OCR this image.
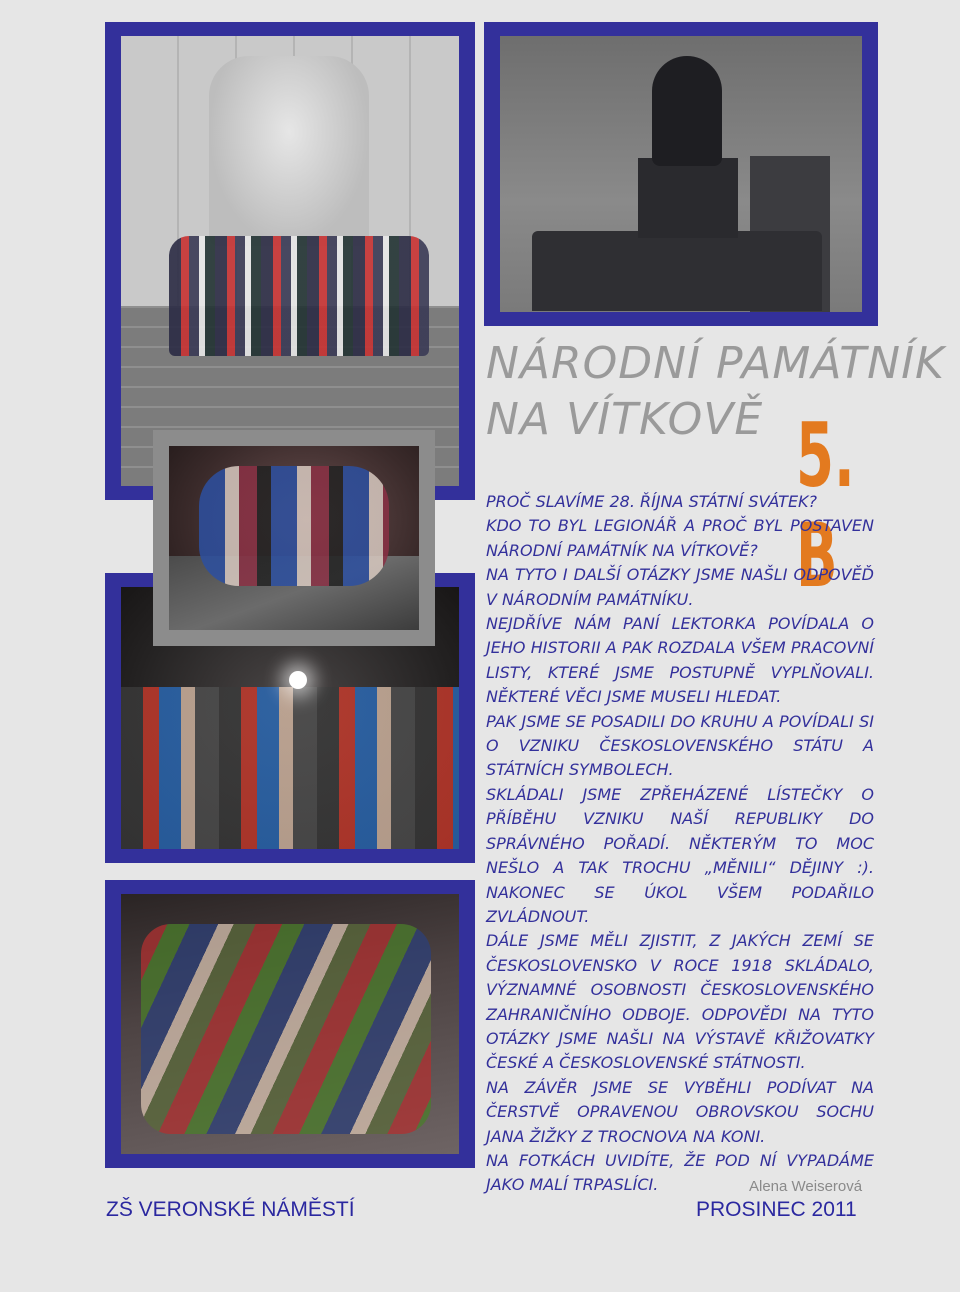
NÁRODNÍ PAMÁTNÍK
NA VÍTKOVĚ 5. B

PROČ SLAVÍME 28. ŘÍJNA STÁTNÍ SVÁTEK?

KDO TO BYL LEGIONÁŘ A PROČ BYL POSTAVEN NÁRODNÍ PAMÁTNÍK NA VÍTKOVĚ?

NA TYTO I DALŠÍ OTÁZKY JSME NAŠLI ODPOVĚĎ V NÁRODNÍM PAMÁTNÍKU.

NEJDŘÍVE NÁM PANÍ LEKTORKA POVÍDALA O JEHO HISTORII A PAK ROZDALA VŠEM PRACOVNÍ LISTY, KTERÉ JSME POSTUPNĚ VYPLŇOVALI. NĚKTERÉ VĚCI JSME MUSELI HLEDAT.

PAK JSME SE POSADILI DO KRUHU A POVÍDALI SI O VZNIKU ČESKOSLOVENSKÉHO STÁTU A STÁTNÍCH SYMBOLECH.

SKLÁDALI JSME ZPŘEHÁZENÉ LÍSTEČKY O PŘÍBĚHU VZNIKU NAŠÍ REPUBLIKY DO SPRÁVNÉHO POŘADÍ. NĚKTERÝM TO MOC NEŠLO A TAK TROCHU „MĚNILI“ DĚJINY :). NAKONEC SE ÚKOL VŠEM PODAŘILO ZVLÁDNOUT.

DÁLE JSME MĚLI ZJISTIT, Z JAKÝCH ZEMÍ SE ČESKOSLOVENSKO V ROCE 1918 SKLÁDALO, VÝZNAMNÉ OSOBNOSTI ČESKOSLOVENSKÉHO ZAHRANIČNÍHO ODBOJE. ODPOVĚDI NA TYTO OTÁZKY JSME NAŠLI NA VÝSTAVĚ KŘIŽOVATKY ČESKÉ A ČESKOSLOVENSKÉ STÁTNOSTI.

NA ZÁVĚR JSME SE VYBĚHLI PODÍVAT NA ČERSTVĚ OPRAVENOU OBROVSKOU SOCHU JANA ŽIŽKY Z TROCNOVA NA KONI.

NA FOTKÁCH UVIDÍTE, ŽE POD NÍ VYPADÁME JAKO MALÍ TRPASLÍCI.	Alena Weiserová
ZŠ VERONSKÉ NÁMĚSTÍ	PROSINEC 2011
